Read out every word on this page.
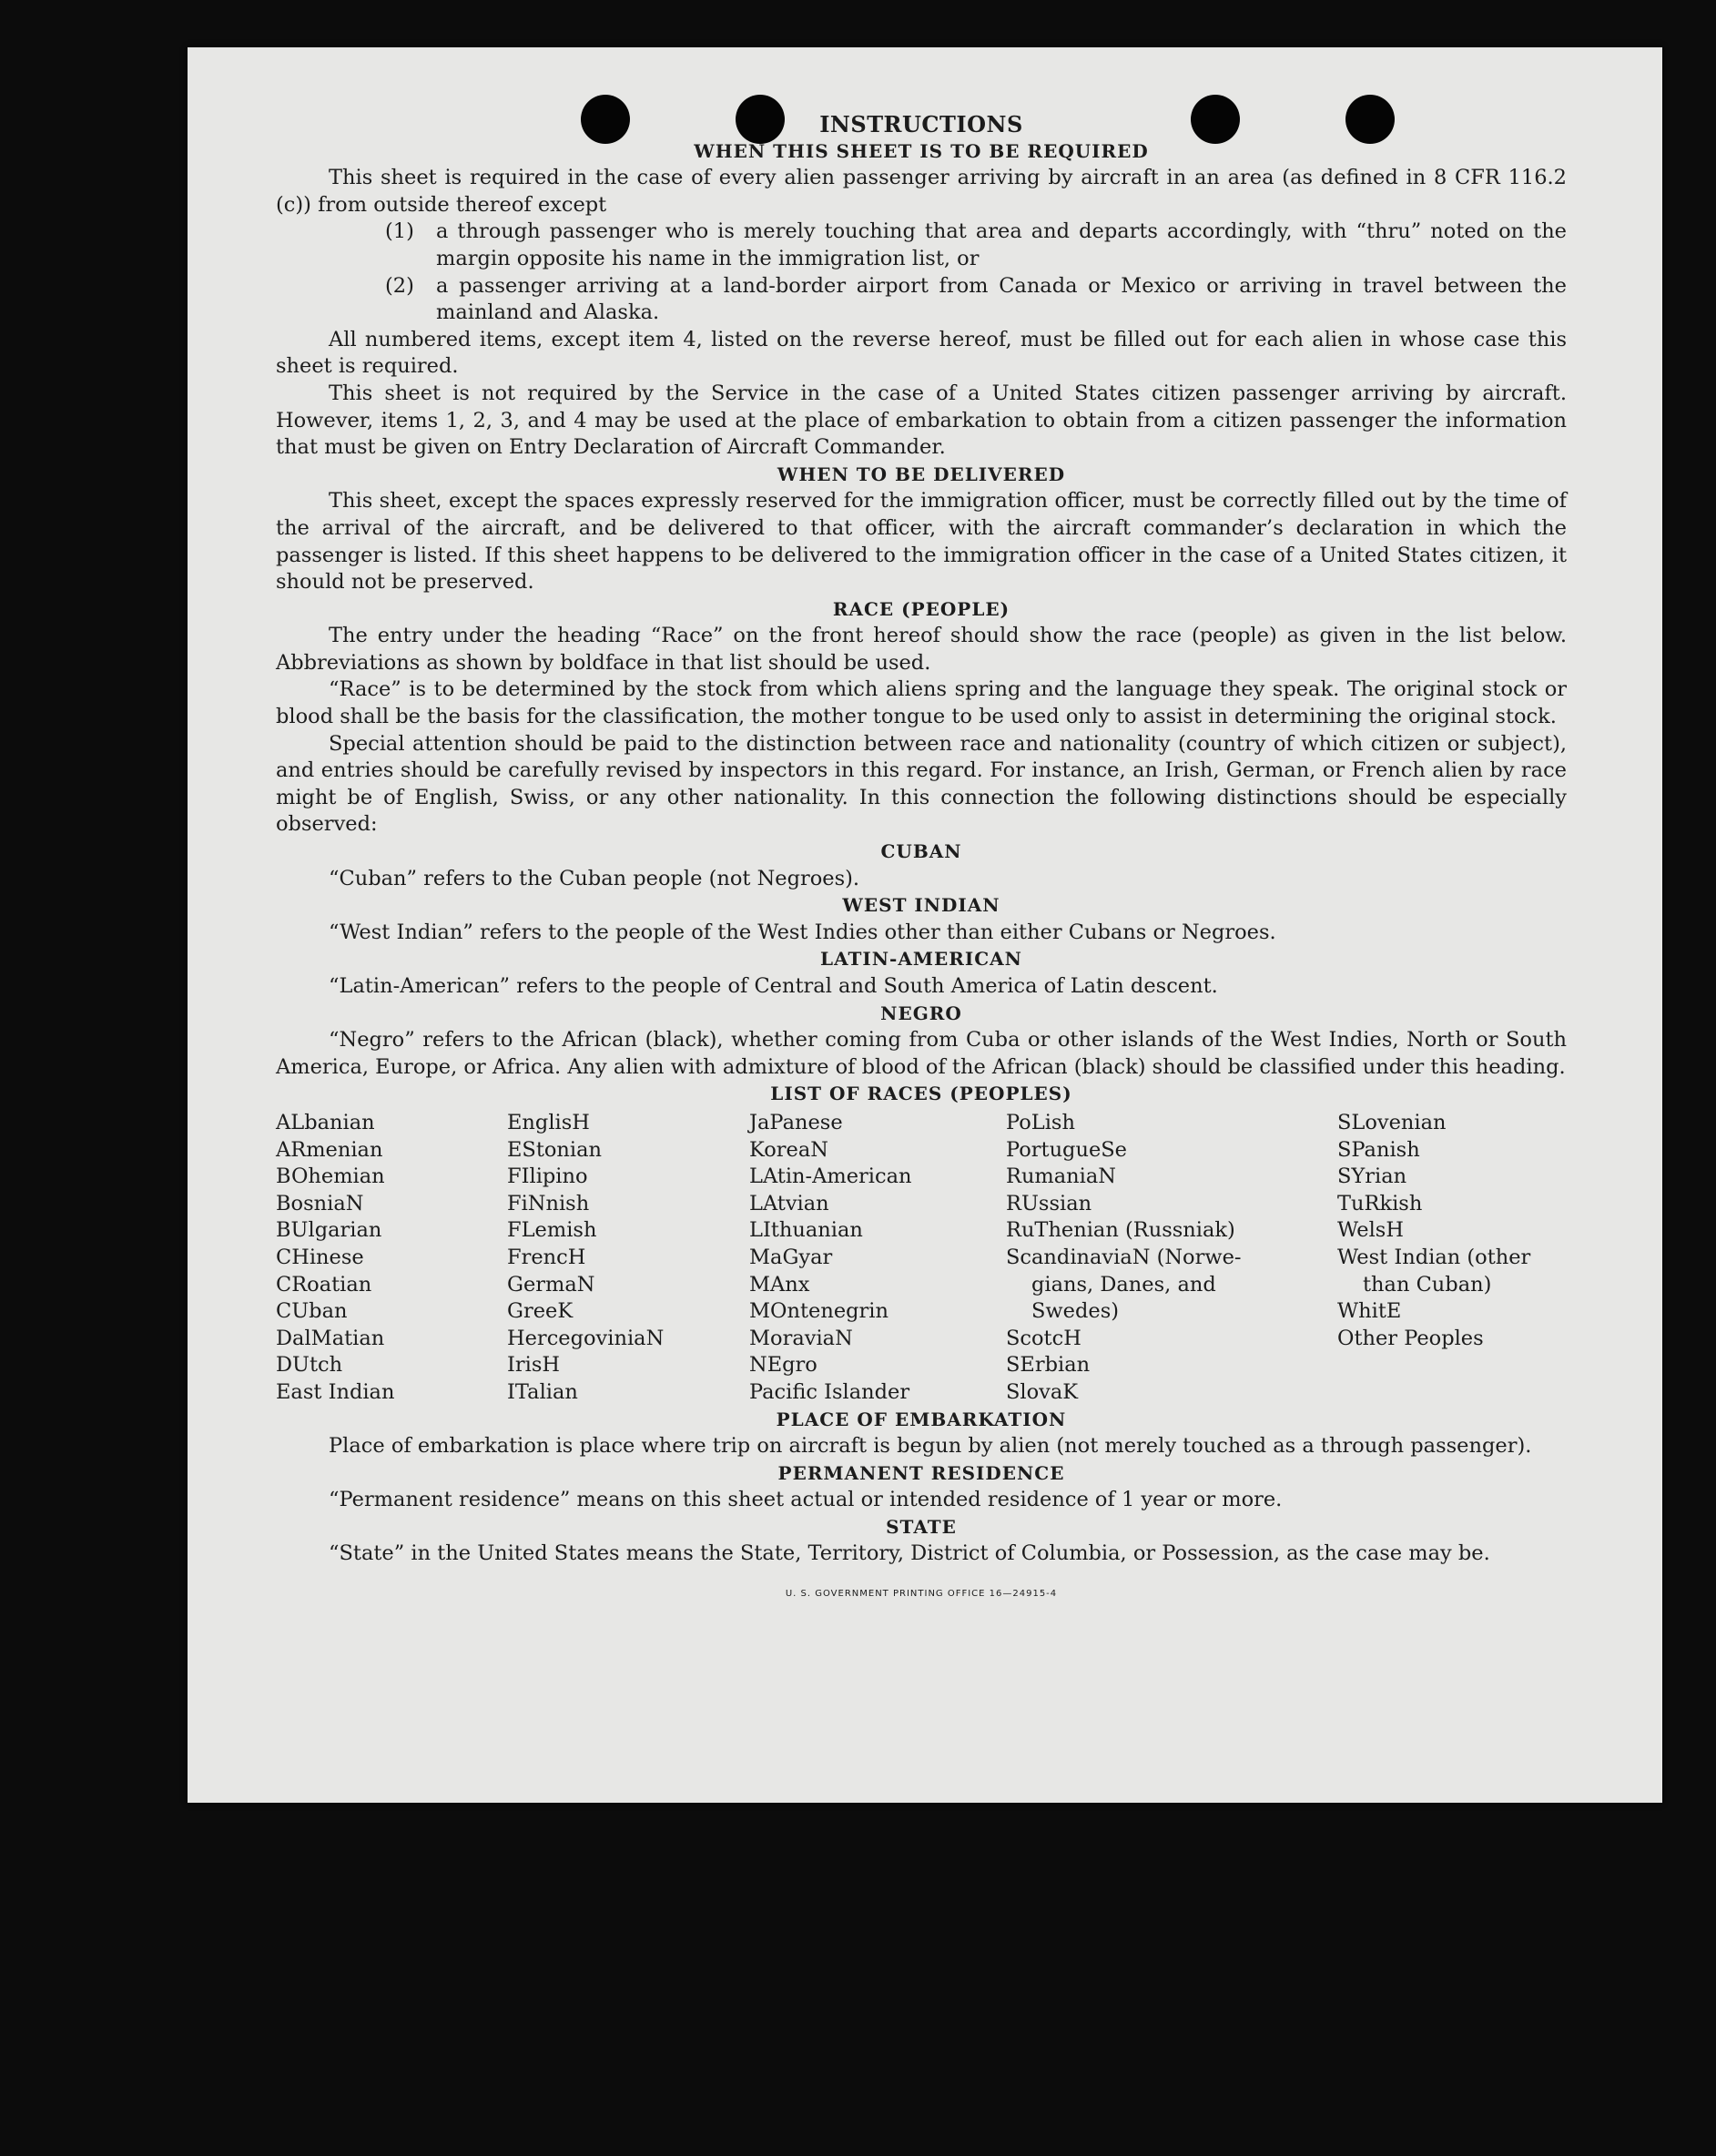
INSTRUCTIONS
WHEN THIS SHEET IS TO BE REQUIRED

This sheet is required in the case of every alien passenger arriving by aircraft in an area (as defined in 8 CFR 116.2 (c)) from outside thereof except

(1)	a through passenger who is merely touching that area and departs accordingly, with “thru” noted on the margin opposite his name in the immigration list, or
(2)	a passenger arriving at a land-border airport from Canada or Mexico or arriving in travel between the mainland and Alaska.

All numbered items, except item 4, listed on the reverse hereof, must be filled out for each alien in whose case this sheet is required.

This sheet is not required by the Service in the case of a United States citizen passenger arriving by aircraft. However, items 1, 2, 3, and 4 may be used at the place of embarkation to obtain from a citizen passenger the information that must be given on Entry Declaration of Aircraft Commander.

WHEN TO BE DELIVERED

This sheet, except the spaces expressly reserved for the immigration officer, must be correctly filled out by the time of the arrival of the aircraft, and be delivered to that officer, with the aircraft commander’s declaration in which the passenger is listed. If this sheet happens to be delivered to the immigration officer in the case of a United States citizen, it should not be preserved.

RACE (PEOPLE)

The entry under the heading “Race” on the front hereof should show the race (people) as given in the list below. Abbreviations as shown by boldface in that list should be used.

“Race” is to be determined by the stock from which aliens spring and the language they speak. The original stock or blood shall be the basis for the classification, the mother tongue to be used only to assist in determining the original stock.

Special attention should be paid to the distinction between race and nationality (country of which citizen or subject), and entries should be carefully revised by inspectors in this regard. For instance, an Irish, German, or French alien by race might be of English, Swiss, or any other nationality. In this connection the following distinctions should be especially observed:

CUBAN

“Cuban” refers to the Cuban people (not Negroes).

WEST INDIAN

“West Indian” refers to the people of the West Indies other than either Cubans or Negroes.

LATIN-AMERICAN

“Latin-American” refers to the people of Central and South America of Latin descent.

NEGRO

“Negro” refers to the African (black), whether coming from Cuba or other islands of the West Indies, North or South America, Europe, or Africa. Any alien with admixture of blood of the African (black) should be classified under this heading.

LIST OF RACES (PEOPLES)
ALbanian
ARmenian
BOhemian
BosniaN
BUlgarian
CHinese
CRoatian
CUban
DalMatian
DUtch
East Indian
EnglisH
EStonian
FIlipino
FiNnish
FLemish
FrencH
GermaN
GreeK
HercegoviniaN
IrisH
ITalian
JaPanese
KoreaN
LAtin-American
LAtvian
LIthuanian
MaGyar
MAnx
MOntenegrin
MoraviaN
NEgro
Pacific Islander
PoLish
PortugueSe
RumaniaN
RUssian
RuThenian (Russniak)
ScandinaviaN (Norwe-
gians, Danes, and
Swedes)
ScotcH
SErbian
SlovaK
SLovenian
SPanish
SYrian
TuRkish
WelsH
West Indian (other
than Cuban)
WhitE
Other Peoples
PLACE OF EMBARKATION

Place of embarkation is place where trip on aircraft is begun by alien (not merely touched as a through passenger).

PERMANENT RESIDENCE

“Permanent residence” means on this sheet actual or intended residence of 1 year or more.

STATE

“State” in the United States means the State, Territory, District of Columbia, or Possession, as the case may be.

U. S. GOVERNMENT PRINTING OFFICE 16—24915-4
